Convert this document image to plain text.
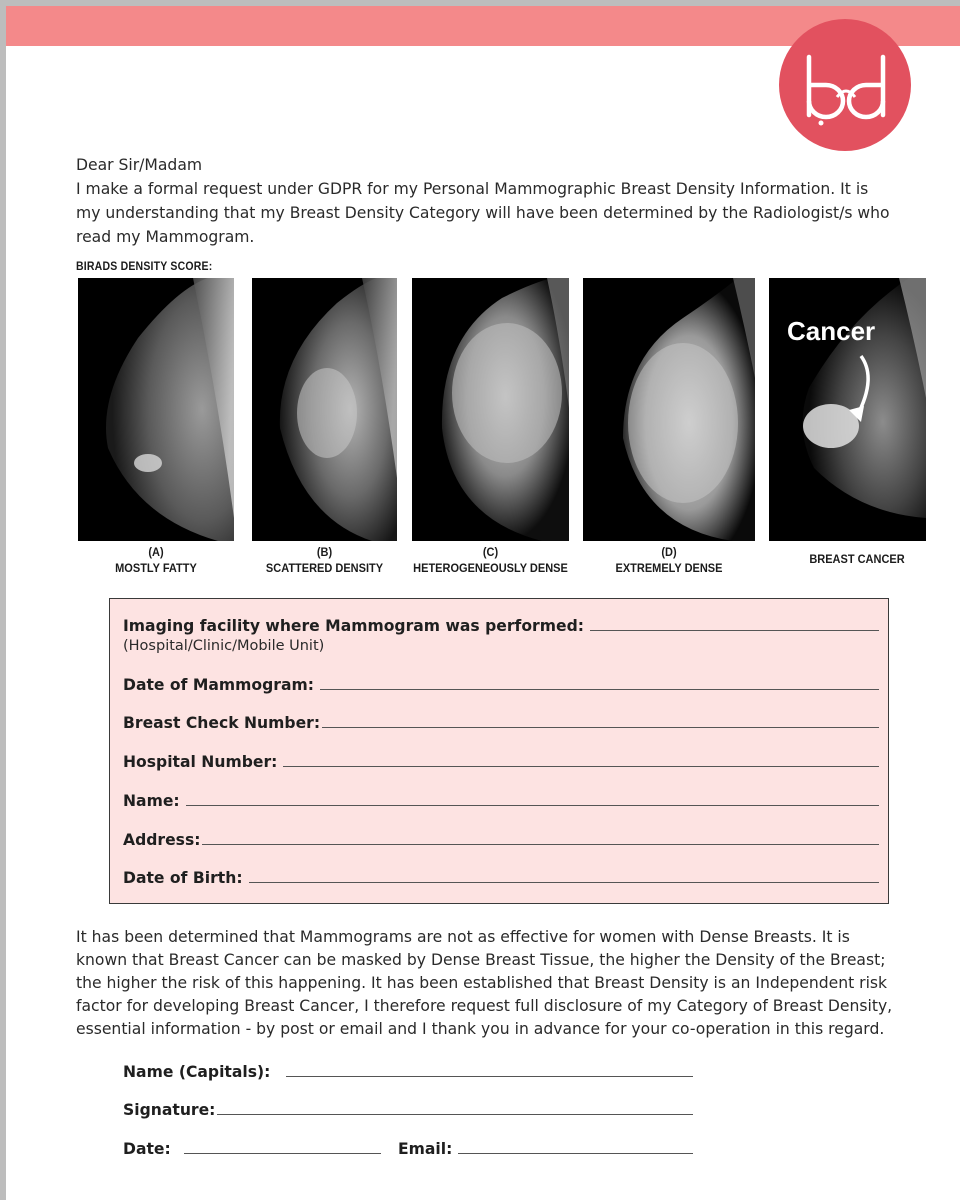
Dear Sir/Madam

I make a formal request under GDPR for my Personal Mammographic Breast Density Information. It is

my understanding that my Breast Density Category will have been determined by the Radiologist/s who

read my Mammogram.

BIRADS DENSITY SCORE:
Cancer
(A)
MOSTLY FATTY
(B)
SCATTERED DENSITY
(C)
HETEROGENEOUSLY DENSE
(D)
EXTREMELY DENSE
BREAST CANCER
Imaging facility where Mammogram was performed:
(Hospital/Clinic/Mobile Unit)
Date of Mammogram:
Breast Check Number:
Hospital Number:
Name:
Address:
Date of Birth:

It has been determined that Mammograms are not as effective for women with Dense Breasts. It is

known that Breast Cancer can be masked by Dense Breast Tissue, the higher the Density of the Breast;

the higher the risk of this happening. It has been established that Breast Density is an Independent risk

factor for developing Breast Cancer, I therefore request full disclosure of my Category of Breast Density,

essential information - by post or email and I thank you in advance for your co-operation in this regard.

Name (Capitals):
Signature:
Date:	Email:
